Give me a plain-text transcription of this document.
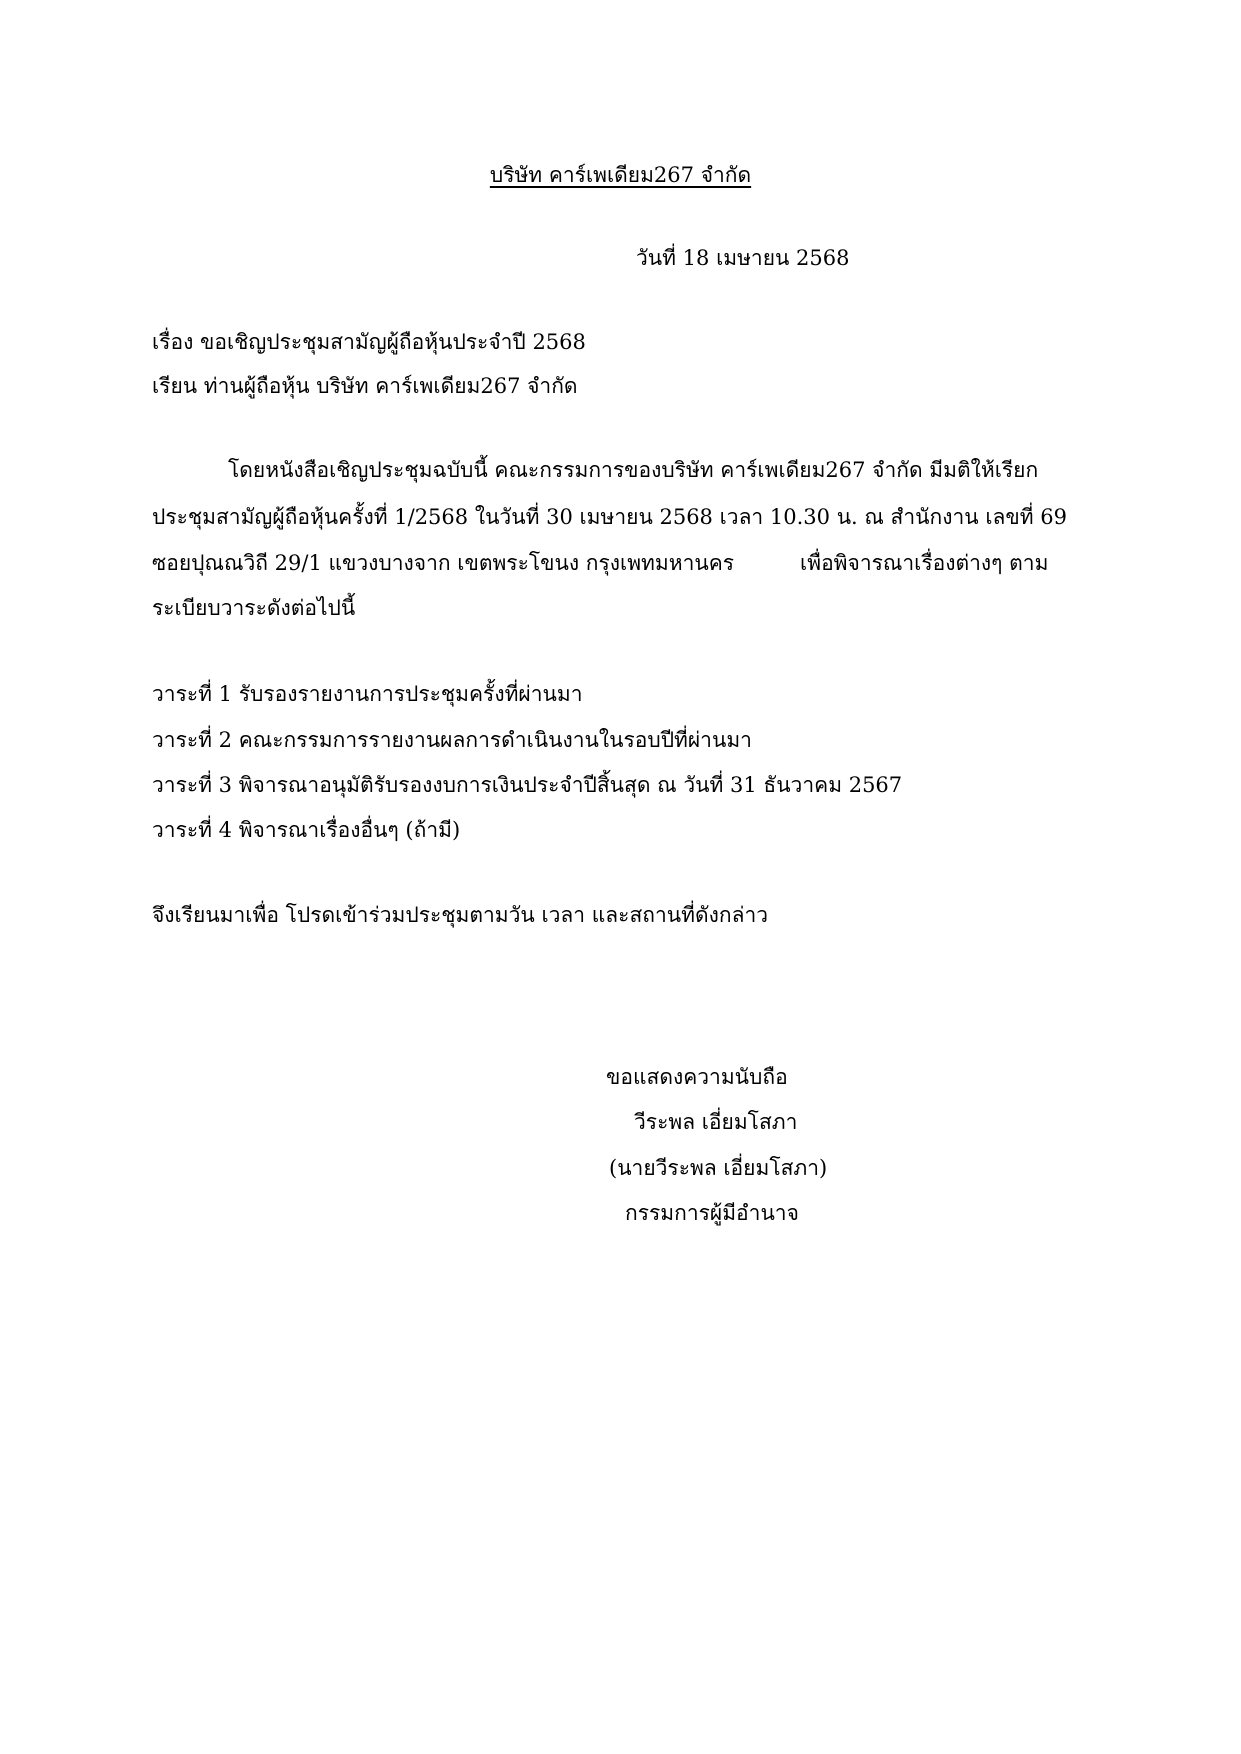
บริษัท คาร์เพเดียม267 จำกัด
วันที่ 18 เมษายน 2568
เรื่อง ขอเชิญประชุมสามัญผู้ถือหุ้นประจำปี 2568
เรียน ท่านผู้ถือหุ้น บริษัท คาร์เพเดียม267 จำกัด
โดยหนังสือเชิญประชุมฉบับนี้ คณะกรรมการของบริษัท คาร์เพเดียม267 จำกัด มีมติให้เรียก
ประชุมสามัญผู้ถือหุ้นครั้งที่ 1/2568 ในวันที่ 30 เมษายน 2568 เวลา 10.30 น. ณ สำนักงาน เลขที่ 69
ซอยปุณณวิถี 29/1 แขวงบางจาก เขตพระโขนง กรุงเพทมหานคร	เพื่อพิจารณาเรื่องต่างๆ ตาม
ระเบียบวาระดังต่อไปนี้
วาระที่ 1 รับรองรายงานการประชุมครั้งที่ผ่านมา
วาระที่ 2 คณะกรรมการรายงานผลการดำเนินงานในรอบปีที่ผ่านมา
วาระที่ 3 พิจารณาอนุมัติรับรองงบการเงินประจำปีสิ้นสุด ณ วันที่ 31 ธันวาคม 2567
วาระที่ 4 พิจารณาเรื่องอื่นๆ (ถ้ามี)
จึงเรียนมาเพื่อ โปรดเข้าร่วมประชุมตามวัน เวลา และสถานที่ดังกล่าว
ขอแสดงความนับถือ
วีระพล เอี่ยมโสภา
(นายวีระพล เอี่ยมโสภา)
กรรมการผู้มีอำนาจ
